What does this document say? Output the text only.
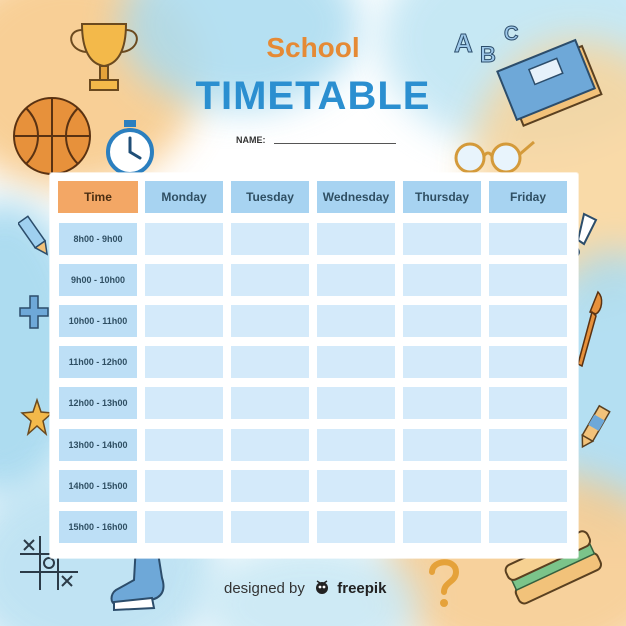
A B
C
School
TIMETABLE
NAME:
Time	Monday	Tuesday	Wednesday	Thursday	Friday
8h00 - 9h00
9h00 - 10h00
10h00 - 11h00
11h00 - 12h00
12h00 - 13h00
13h00 - 14h00
14h00 - 15h00
15h00 - 16h00
designed by freepik
